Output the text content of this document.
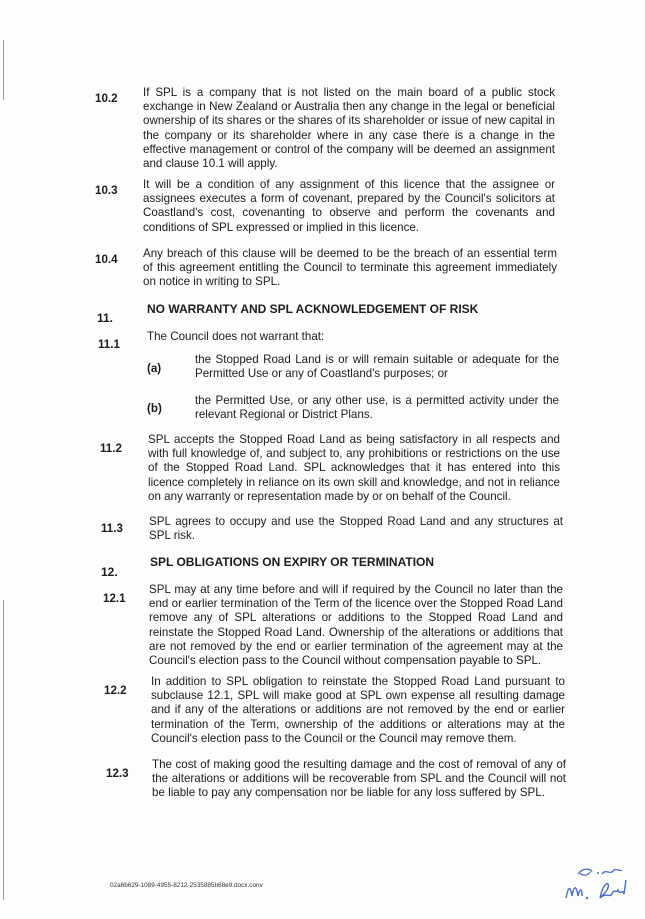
10.2 If SPL is a company that is not listed on the main board of a public stock exchange in New Zealand or Australia then any change in the legal or beneficial ownership of its shares or the shares of its shareholder or issue of new capital in the company or its shareholder where in any case there is a change in the effective management or control of the company will be deemed an assignment and clause 10.1 will apply.
10.3 It will be a condition of any assignment of this licence that the assignee or assignees executes a form of covenant, prepared by the Council's solicitors at Coastland's cost, covenanting to observe and perform the covenants and conditions of SPL expressed or implied in this licence.
10.4 Any breach of this clause will be deemed to be the breach of an essential term of this agreement entitling the Council to terminate this agreement immediately on notice in writing to SPL.
11.
NO WARRANTY AND SPL ACKNOWLEDGEMENT OF RISK
11.1
The Council does not warrant that:
(a)
the Stopped Road Land is or will remain suitable or adequate for the Permitted Use or any of Coastland's purposes; or
(b)
the Permitted Use, or any other use, is a permitted activity under the relevant Regional or District Plans.
11.2
SPL accepts the Stopped Road Land as being satisfactory in all respects and with full knowledge of, and subject to, any prohibitions or restrictions on the use of the Stopped Road Land. SPL acknowledges that it has entered into this licence completely in reliance on its own skill and knowledge, and not in reliance on any warranty or representation made by or on behalf of the Council.
11.3
SPL agrees to occupy and use the Stopped Road Land and any structures at SPL risk.
12.
SPL OBLIGATIONS ON EXPIRY OR TERMINATION
12.1
SPL may at any time before and will if required by the Council no later than the end or earlier termination of the Term of the licence over the Stopped Road Land remove any of SPL alterations or additions to the Stopped Road Land and reinstate the Stopped Road Land. Ownership of the alterations or additions that are not removed by the end or earlier termination of the agreement may at the Council's election pass to the Council without compensation payable to SPL.
12.2
In addition to SPL obligation to reinstate the Stopped Road Land pursuant to subclause 12.1, SPL will make good at SPL own expense all resulting damage and if any of the alterations or additions are not removed by the end or earlier termination of the Term, ownership of the additions or alterations may at the Council's election pass to the Council or the Council may remove them.
12.3
The cost of making good the resulting damage and the cost of removal of any of the alterations or additions will be recoverable from SPL and the Council will not be liable to pay any compensation nor be liable for any loss suffered by SPL.
02a6b629-1089-4955-8212-2535885b68e9.docx.conv
